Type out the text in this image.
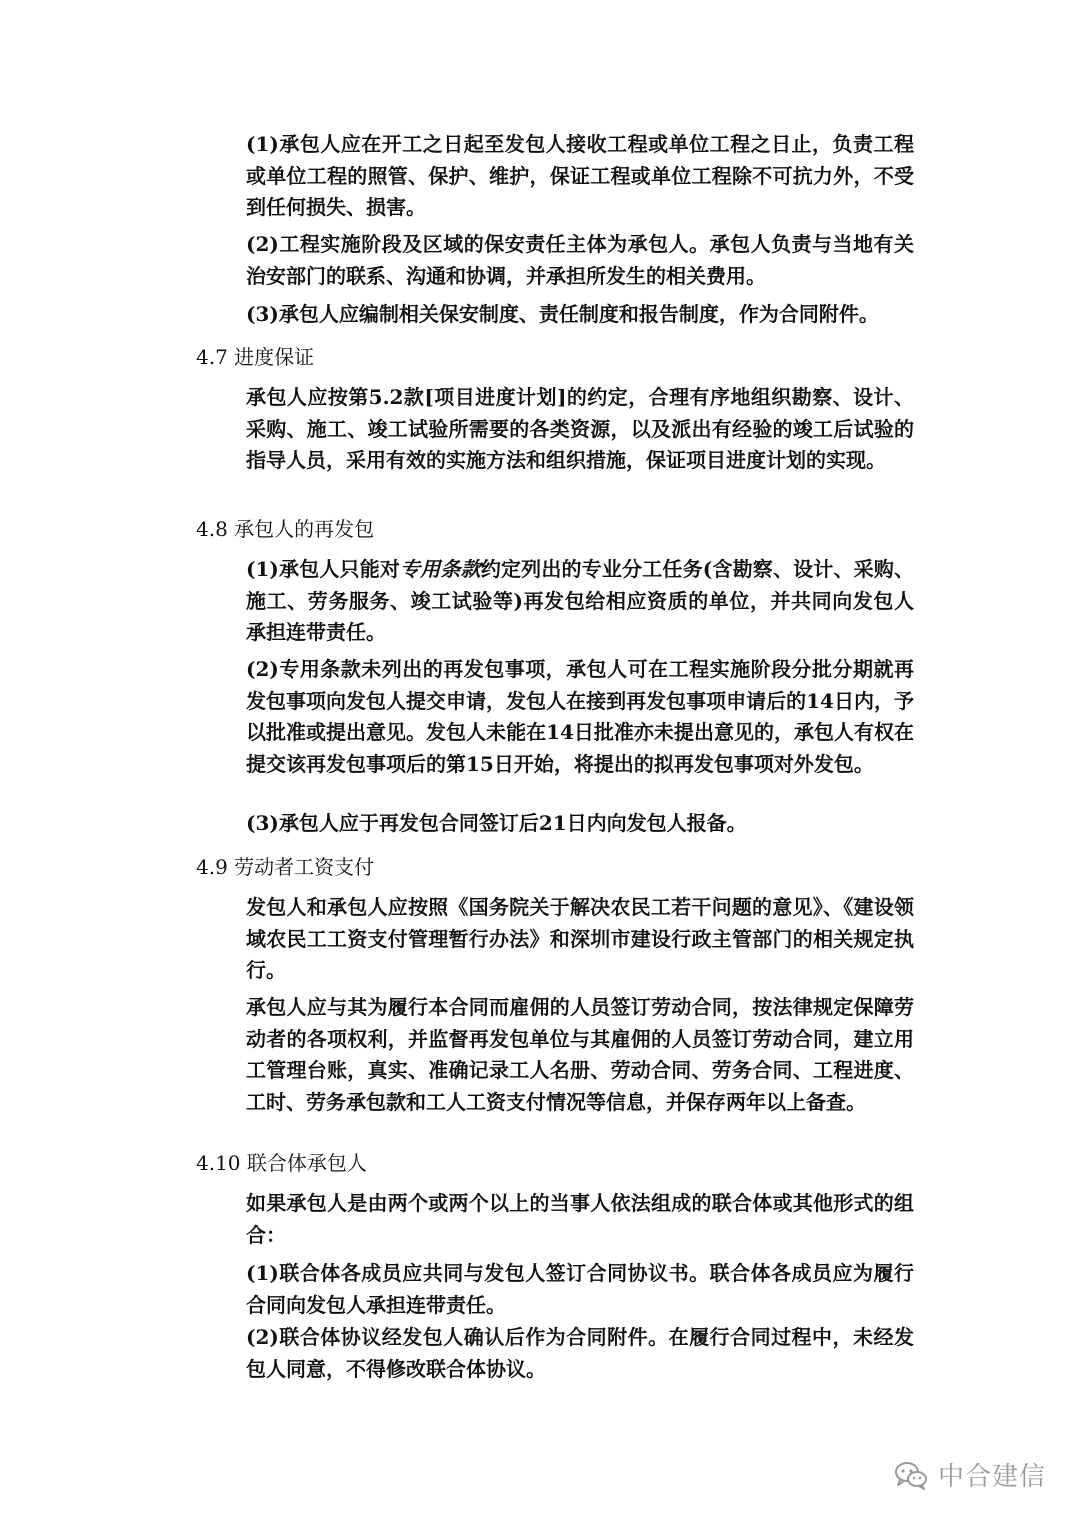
(1)承包人应在开工之日起至发包人接收工程或单位工程之日止，负责工程或单位工程的照管、保护、维护，保证工程或单位工程除不可抗力外，不受到任何损失、损害。

(2)工程实施阶段及区域的保安责任主体为承包人。承包人负责与当地有关治安部门的联系、沟通和协调，并承担所发生的相关费用。

(3)承包人应编制相关保安制度、责任制度和报告制度，作为合同附件。

4.7 进度保证

承包人应按第5.2款[项目进度计划]的约定，合理有序地组织勘察、设计、采购、施工、竣工试验所需要的各类资源，以及派出有经验的竣工后试验的指导人员，采用有效的实施方法和组织措施，保证项目进度计划的实现。

4.8 承包人的再发包

(1)承包人只能对专用条款约定列出的专业分工任务(含勘察、设计、采购、施工、劳务服务、竣工试验等)再发包给相应资质的单位，并共同向发包人承担连带责任。

(2)专用条款未列出的再发包事项，承包人可在工程实施阶段分批分期就再发包事项向发包人提交申请，发包人在接到再发包事项申请后的14日内，予以批准或提出意见。发包人未能在14日批准亦未提出意见的，承包人有权在提交该再发包事项后的第15日开始，将提出的拟再发包事项对外发包。

(3)承包人应于再发包合同签订后21日内向发包人报备。

4.9 劳动者工资支付

发包人和承包人应按照《国务院关于解决农民工若干问题的意见》、《建设领域农民工工资支付管理暂行办法》和深圳市建设行政主管部门的相关规定执行。

承包人应与其为履行本合同而雇佣的人员签订劳动合同，按法律规定保障劳动者的各项权利，并监督再发包单位与其雇佣的人员签订劳动合同，建立用工管理台账，真实、准确记录工人名册、劳动合同、劳务合同、工程进度、工时、劳务承包款和工人工资支付情况等信息，并保存两年以上备查。

4.10 联合体承包人

如果承包人是由两个或两个以上的当事人依法组成的联合体或其他形式的组合：

(1)联合体各成员应共同与发包人签订合同协议书。联合体各成员应为履行合同向发包人承担连带责任。

(2)联合体协议经发包人确认后作为合同附件。在履行合同过程中，未经发包人同意，不得修改联合体协议。

中合建信
